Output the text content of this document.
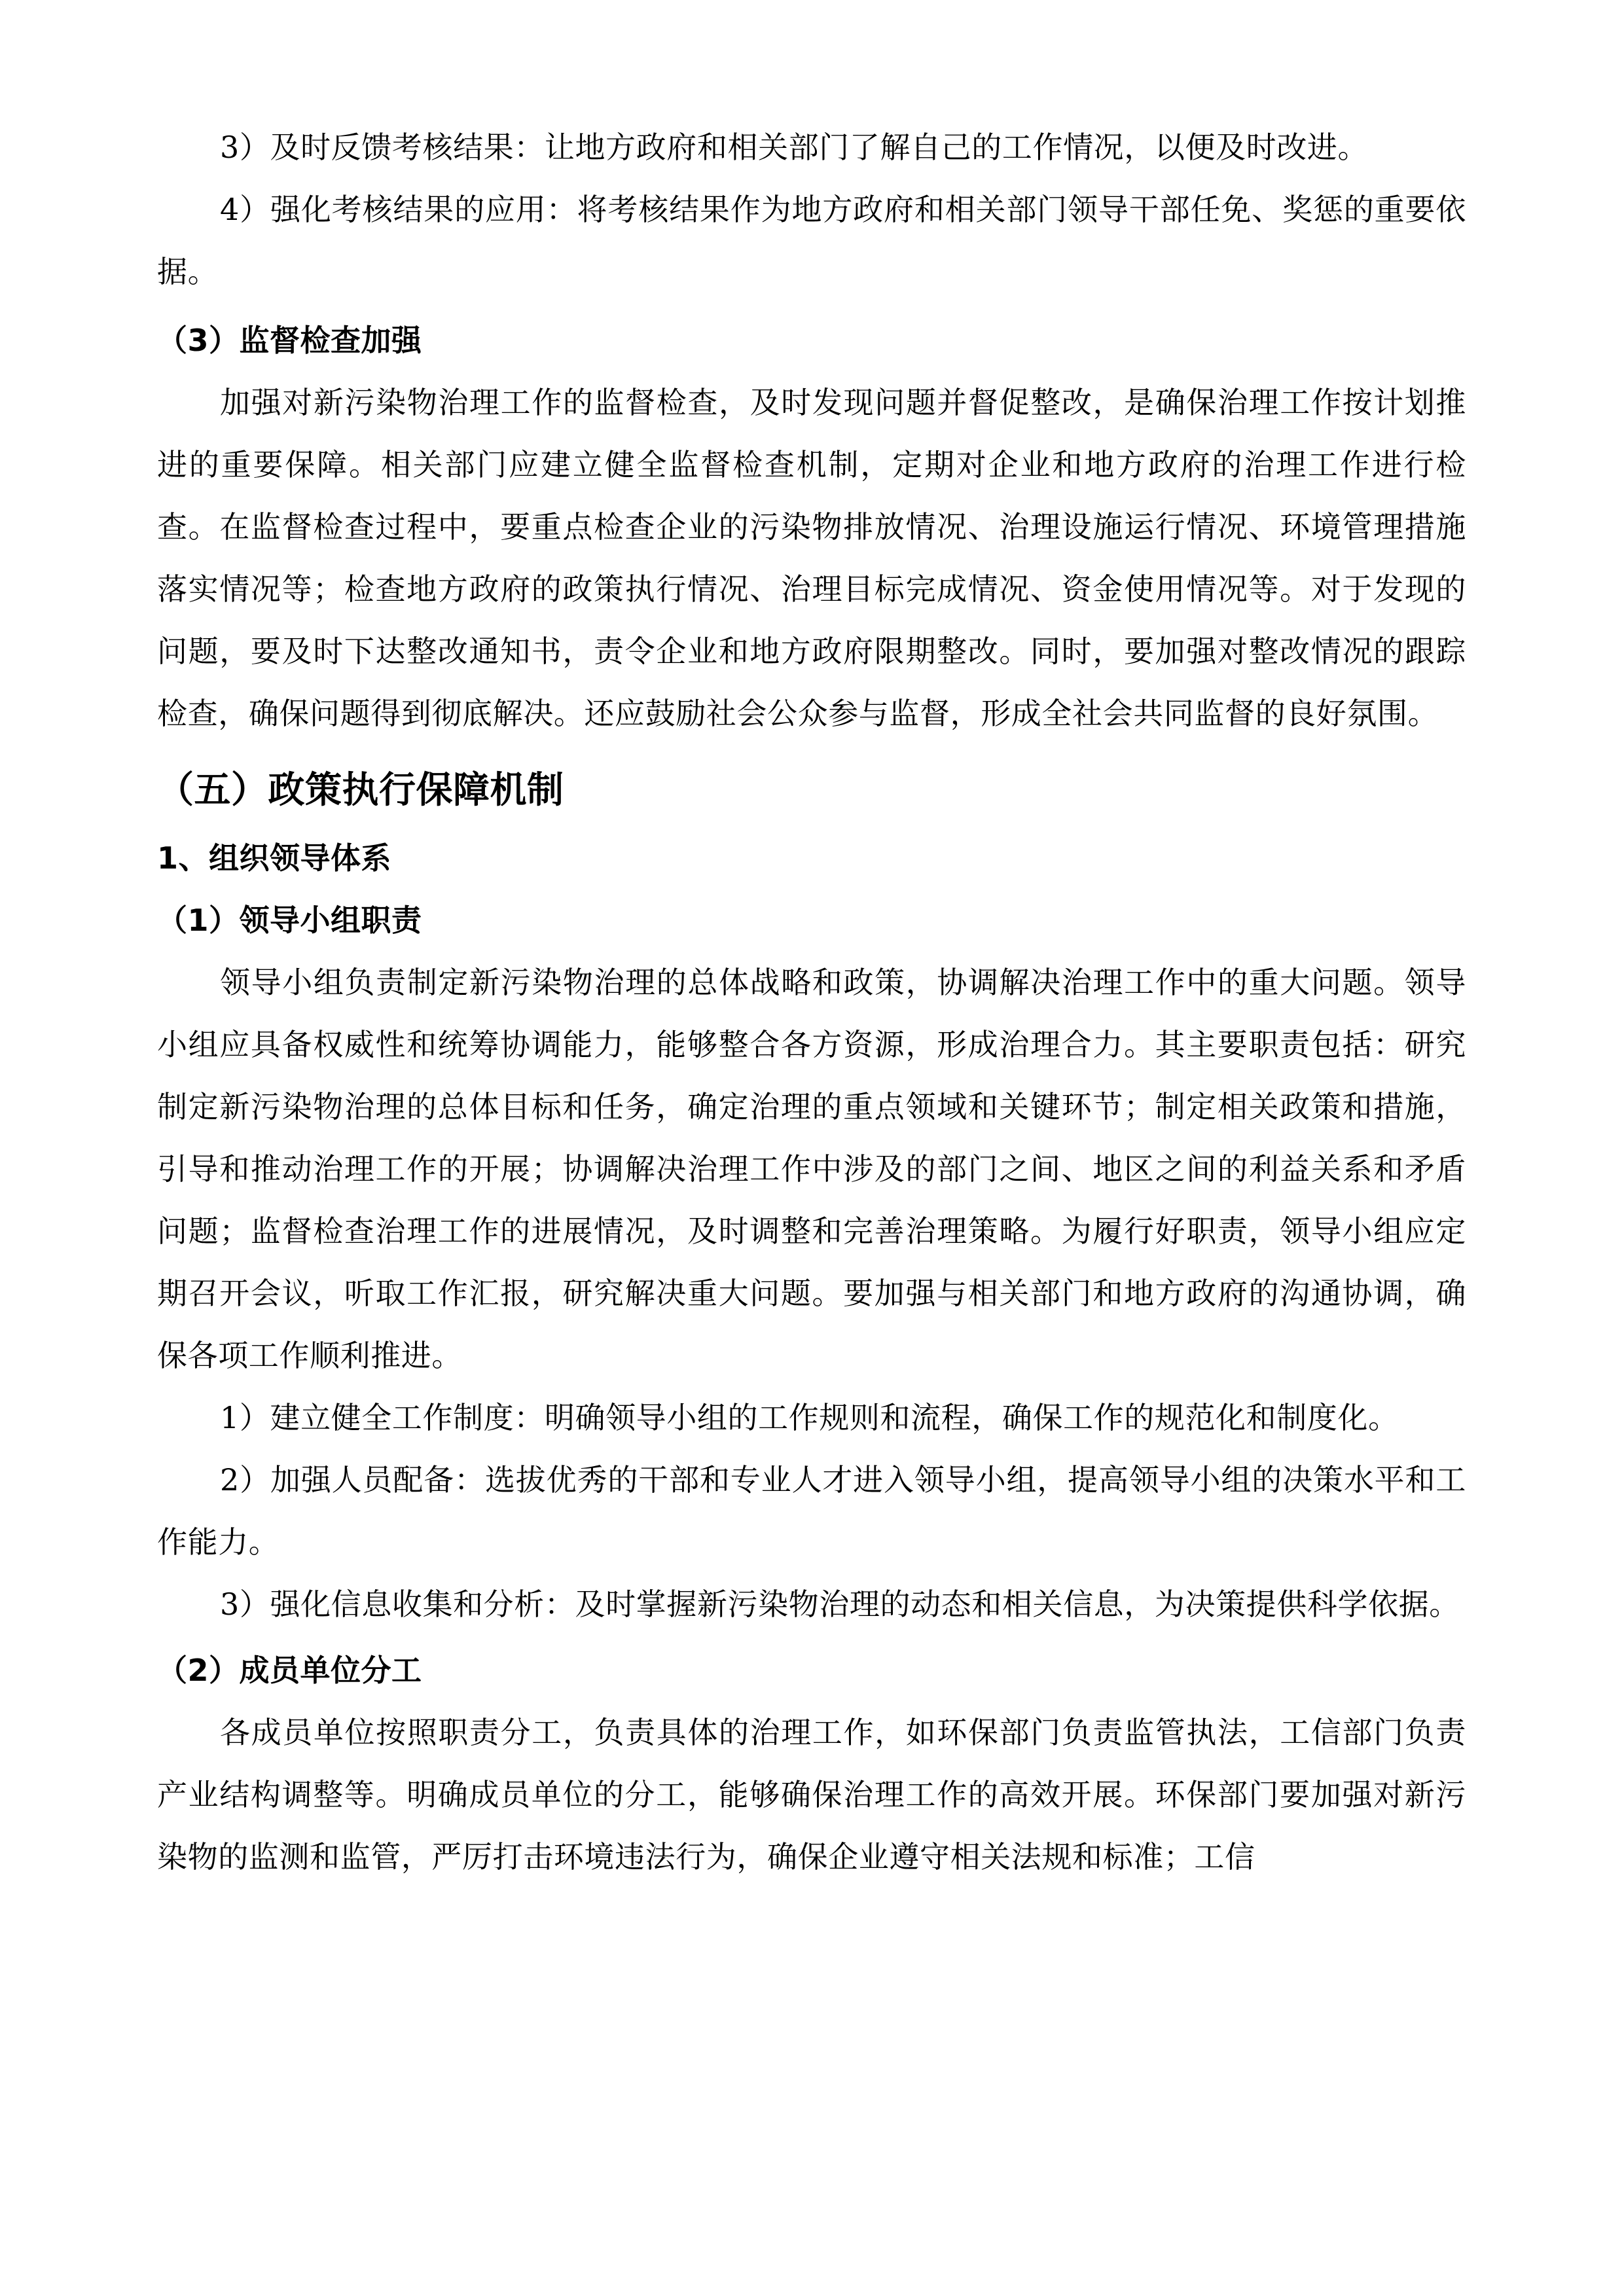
3）及时反馈考核结果：让地方政府和相关部门了解自己的工作情况，以便及时改进。

4）强化考核结果的应用：将考核结果作为地方政府和相关部门领导干部任免、奖惩的重要依据。

（3）监督检查加强

加强对新污染物治理工作的监督检查，及时发现问题并督促整改，是确保治理工作按计划推进的重要保障。相关部门应建立健全监督检查机制，定期对企业和地方政府的治理工作进行检查。在监督检查过程中，要重点检查企业的污染物排放情况、治理设施运行情况、环境管理措施落实情况等；检查地方政府的政策执行情况、治理目标完成情况、资金使用情况等。对于发现的问题，要及时下达整改通知书，责令企业和地方政府限期整改。同时，要加强对整改情况的跟踪检查，确保问题得到彻底解决。还应鼓励社会公众参与监督，形成全社会共同监督的良好氛围。

（五）政策执行保障机制
1、组织领导体系
（1）领导小组职责

领导小组负责制定新污染物治理的总体战略和政策，协调解决治理工作中的重大问题。领导小组应具备权威性和统筹协调能力，能够整合各方资源，形成治理合力。其主要职责包括：研究制定新污染物治理的总体目标和任务，确定治理的重点领域和关键环节；制定相关政策和措施，引导和推动治理工作的开展；协调解决治理工作中涉及的部门之间、地区之间的利益关系和矛盾问题；监督检查治理工作的进展情况，及时调整和完善治理策略。为履行好职责，领导小组应定期召开会议，听取工作汇报，研究解决重大问题。要加强与相关部门和地方政府的沟通协调，确保各项工作顺利推进。

1）建立健全工作制度：明确领导小组的工作规则和流程，确保工作的规范化和制度化。

2）加强人员配备：选拔优秀的干部和专业人才进入领导小组，提高领导小组的决策水平和工作能力。

3）强化信息收集和分析：及时掌握新污染物治理的动态和相关信息，为决策提供科学依据。

（2）成员单位分工

各成员单位按照职责分工，负责具体的治理工作，如环保部门负责监管执法，工信部门负责产业结构调整等。明确成员单位的分工，能够确保治理工作的高效开展。环保部门要加强对新污染物的监测和监管，严厉打击环境违法行为，确保企业遵守相关法规和标准；工信
